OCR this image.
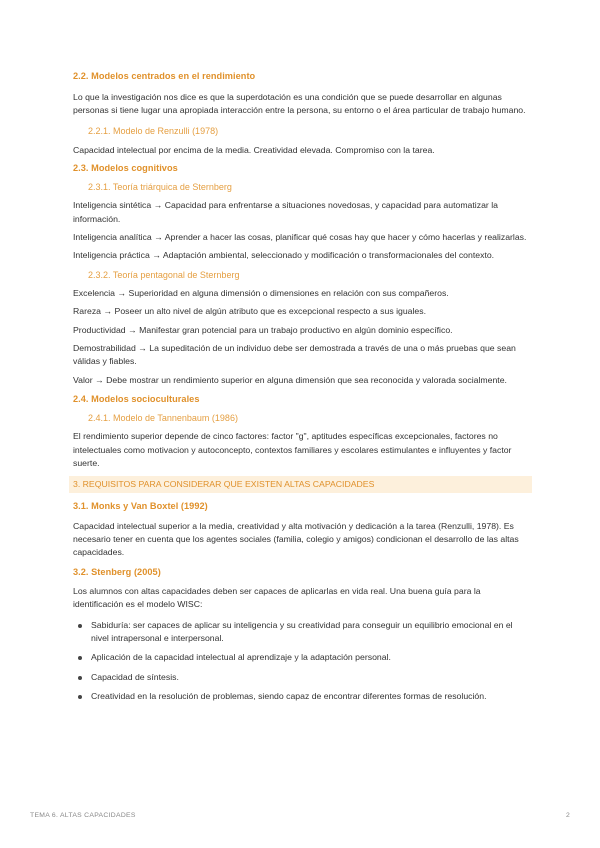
2.2. Modelos centrados en el rendimiento

Lo que la investigación nos dice es que la superdotación es una condición que se puede desarrollar en algunas personas si tiene lugar una apropiada interacción entre la persona, su entorno o el área particular de trabajo humano.

2.2.1. Modelo de Renzulli (1978)

Capacidad intelectual por encima de la media. Creatividad elevada. Compromiso con la tarea.

2.3. Modelos cognitivos
2.3.1. Teoría triárquica de Sternberg

Inteligencia sintética → Capacidad para enfrentarse a situaciones novedosas, y capacidad para automatizar la información.

Inteligencia analítica → Aprender a hacer las cosas, planificar qué cosas hay que hacer y cómo hacerlas y realizarlas.

Inteligencia práctica → Adaptación ambiental, seleccionado y modificación o transformacionales del contexto.

2.3.2. Teoría pentagonal de Sternberg

Excelencia → Superioridad en alguna dimensión o dimensiones en relación con sus compañeros.

Rareza → Poseer un alto nivel de algún atributo que es excepcional respecto a sus iguales.

Productividad → Manifestar gran potencial para un trabajo productivo en algún dominio específico.

Demostrabilidad → La supeditación de un individuo debe ser demostrada a través de una o más pruebas que sean válidas y fiables.

Valor → Debe mostrar un rendimiento superior en alguna dimensión que sea reconocida y valorada socialmente.

2.4. Modelos socioculturales
2.4.1. Modelo de Tannenbaum (1986)

El rendimiento superior depende de cinco factores: factor "g", aptitudes específicas excepcionales, factores no intelectuales como motivacion y autoconcepto, contextos familiares y escolares estimulantes e influyentes y factor suerte.

3. REQUISITOS PARA CONSIDERAR QUE EXISTEN ALTAS CAPACIDADES
3.1. Monks y Van Boxtel (1992)

Capacidad intelectual superior a la media, creatividad y alta motivación y dedicación a la tarea (Renzulli, 1978). Es necesario tener en cuenta que los agentes sociales (familia, colegio y amigos) condicionan el desarrollo de las altas capacidades.

3.2. Stenberg (2005)

Los alumnos con altas capacidades deben ser capaces de aplicarlas en vida real. Una buena guía para la identificación es el modelo WISC:

Sabiduría: ser capaces de aplicar su inteligencia y su creatividad para conseguir un equilibrio emocional en el nivel intrapersonal e interpersonal.
Aplicación de la capacidad intelectual al aprendizaje y la adaptación personal.
Capacidad de síntesis.
Creatividad en la resolución de problemas, siendo capaz de encontrar diferentes formas de resolución.
TEMA 6. ALTAS CAPACIDADES	2
